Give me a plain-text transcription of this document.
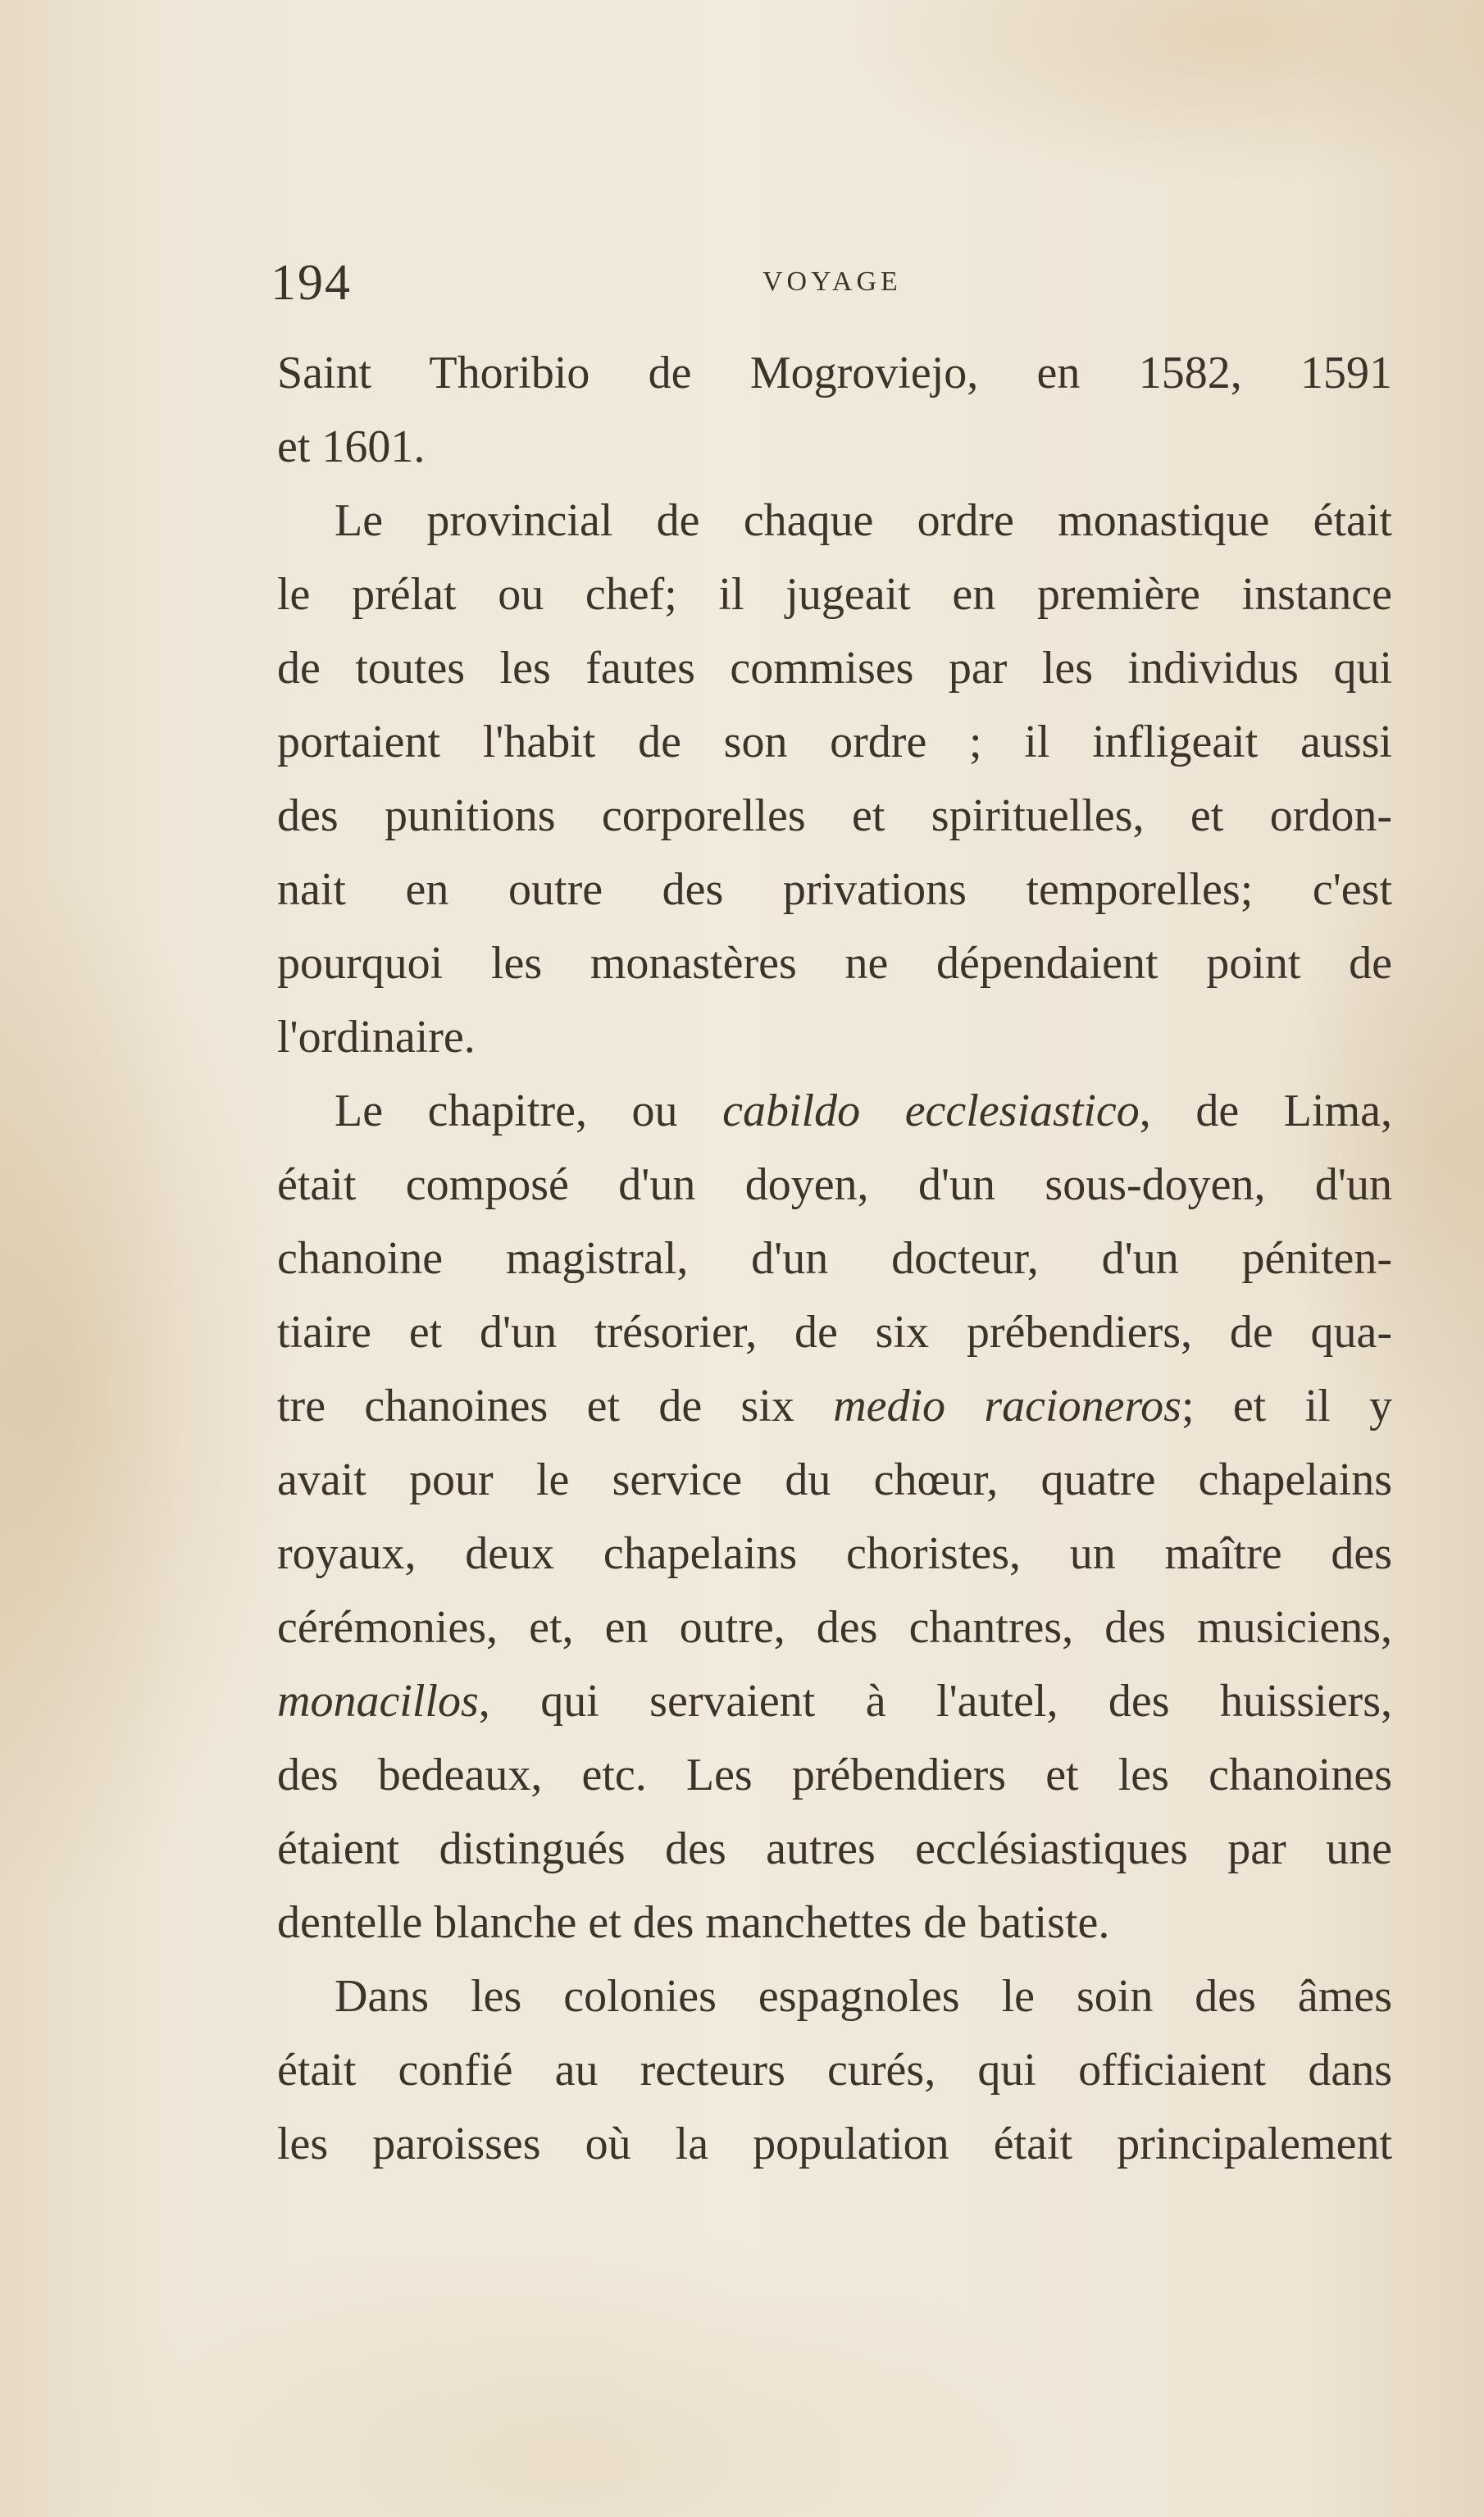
194	VOYAGE
Saint Thoribio de Mogroviejo, en 1582, 1591
et 1601.
Le provincial de chaque ordre monastique était
le prélat ou chef; il jugeait en première instance
de toutes les fautes commises par les individus qui
portaient l'habit de son ordre ; il infligeait aussi
des punitions corporelles et spirituelles, et ordon-
nait en outre des privations temporelles; c'est
pourquoi les monastères ne dépendaient point de
l'ordinaire.
Le chapitre, ou cabildo ecclesiastico, de Lima,
était composé d'un doyen, d'un sous-doyen, d'un
chanoine magistral, d'un docteur, d'un péniten-
tiaire et d'un trésorier, de six prébendiers, de qua-
tre chanoines et de six medio racioneros; et il y
avait pour le service du chœur, quatre chapelains
royaux, deux chapelains choristes, un maître des
cérémonies, et, en outre, des chantres, des musiciens,
monacillos, qui servaient à l'autel, des huissiers,
des bedeaux, etc. Les prébendiers et les chanoines
étaient distingués des autres ecclésiastiques par une
dentelle blanche et des manchettes de batiste.
Dans les colonies espagnoles le soin des âmes
était confié au recteurs curés, qui officiaient dans
les paroisses où la population était principalement
